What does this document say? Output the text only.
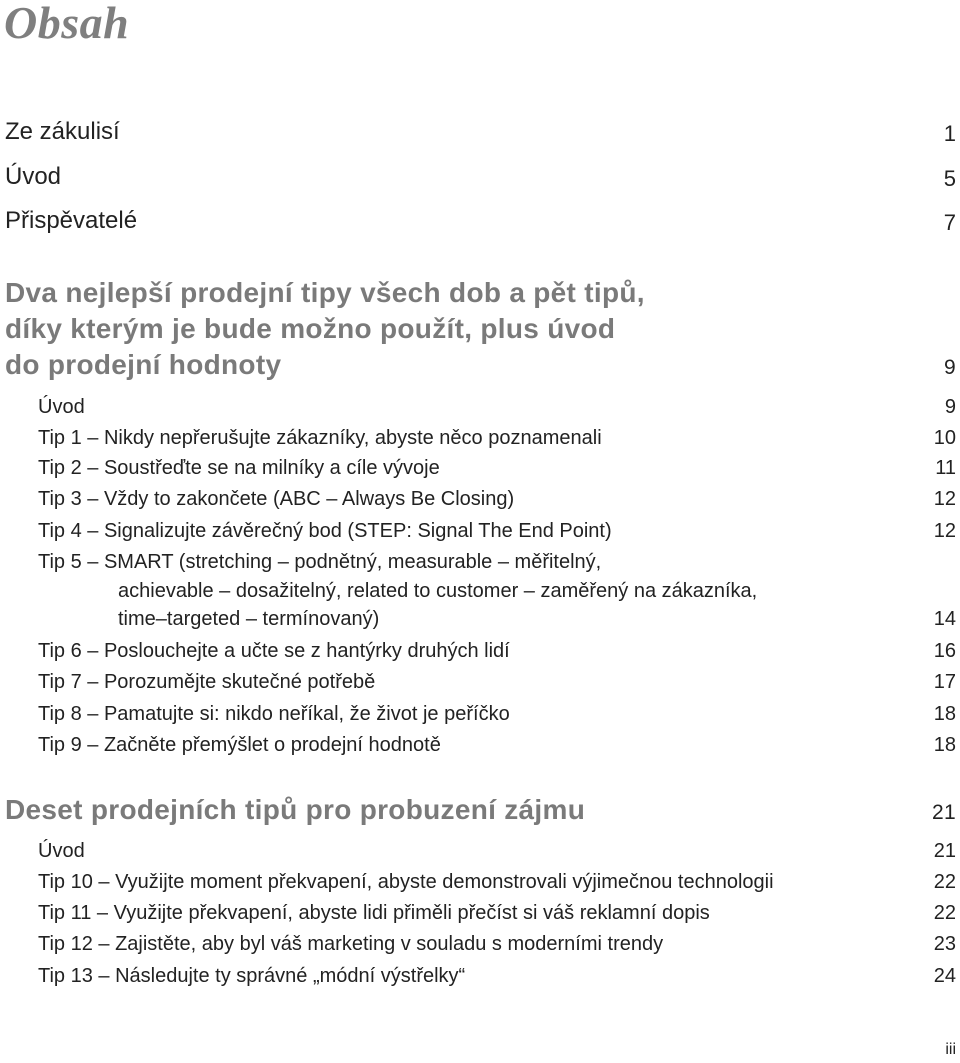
Obsah
Ze zákulisí	1
Úvod	5
Přispěvatelé	7
Dva nejlepší prodejní tipy všech dob a pět tipů,
díky kterým je bude možno použít, plus úvod
do prodejní hodnoty	9
Úvod	9
Tip 1 – Nikdy nepřerušujte zákazníky, abyste něco poznamenali	10
Tip 2 – Soustřeďte se na milníky a cíle vývoje	11
Tip 3 – Vždy to zakončete (ABC – Always Be Closing)	12
Tip 4 – Signalizujte závěrečný bod (STEP: Signal The End Point)	12
Tip 5 – SMART (stretching – podnětný, measurable – měřitelný,
achievable – dosažitelný, related to customer – zaměřený na zákazníka,
time–targeted – termínovaný)	14
Tip 6 – Poslouchejte a učte se z hantýrky druhých lidí	16
Tip 7 – Porozumějte skutečné potřebě	17
Tip 8 – Pamatujte si: nikdo neříkal, že život je peříčko	18
Tip 9 – Začněte přemýšlet o prodejní hodnotě	18
Deset prodejních tipů pro probuzení zájmu	21
Úvod	21
Tip 10 – Využijte moment překvapení, abyste demonstrovali výjimečnou technologii	22
Tip 11 – Využijte překvapení, abyste lidi přiměli přečíst si váš reklamní dopis	22
Tip 12 – Zajistěte, aby byl váš marketing v souladu s moderními trendy	23
Tip 13 – Následujte ty správné „módní výstřelky“	24
iii
